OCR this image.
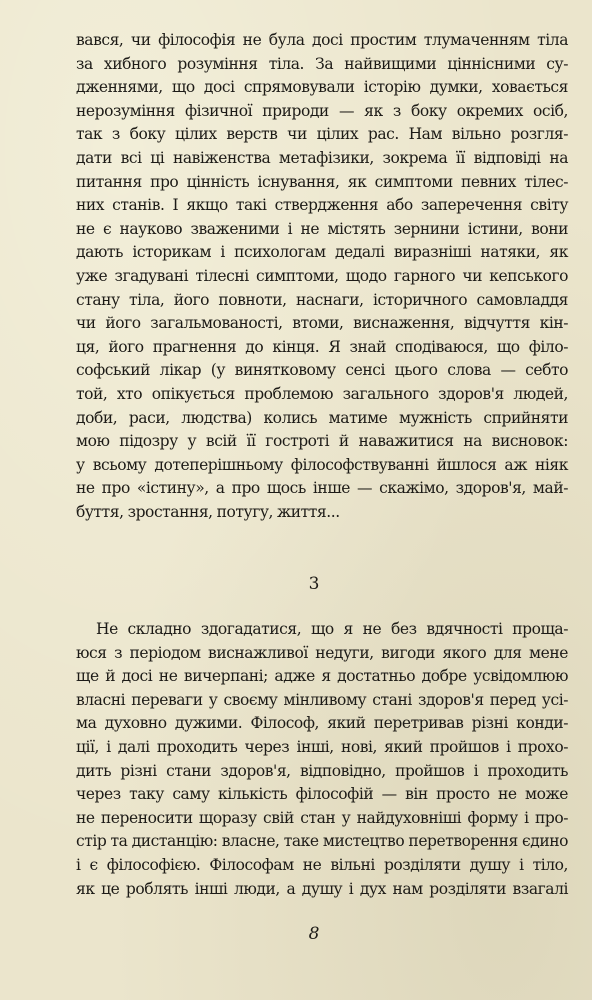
вався, чи філософія не була досі простим тлумаченням тіла
за хибного розуміння тіла. За найвищими ціннісними су-
дженнями, що досі спрямовували історію думки, ховається
нерозуміння фізичної природи — як з боку окремих осіб,
так з боку цілих верств чи цілих рас. Нам вільно розгля-
дати всі ці навіженства метафізики, зокрема її відповіді на
питання про цінність існування, як симптоми певних тілес-
них станів. І якщо такі ствердження або заперечення світу
не є науково зваженими і не містять зернини істини, вони
дають історикам і психологам дедалі виразніші натяки, як
уже згадувані тілесні симптоми, щодо гарного чи кепського
стану тіла, його повноти, наснаги, історичного самовладдя
чи його загальмованості, втоми, виснаження, відчуття кін-
ця, його прагнення до кінця. Я знай сподіваюся, що філо-
софський лікар (у винятковому сенсі цього слова — себто
той, хто опікується проблемою загального здоров'я людей,
доби, раси, людства) колись матиме мужність сприйняти
мою підозру у всій її гостроті й наважитися на висновок:
у всьому дотеперішньому філософствуванні йшлося аж ніяк
не про «істину», а про щось інше — скажімо, здоров'я, май-
буття, зростання, потугу, життя...
3
Не складно здогадатися, що я не без вдячності проща-
юся з періодом виснажливої недуги, вигоди якого для мене
ще й досі не вичерпані; адже я достатньо добре усвідомлюю
власні переваги у своєму мінливому стані здоров'я перед усі-
ма духовно дужими. Філософ, який перетривав різні конди-
ції, і далі проходить через інші, нові, який пройшов і прохо-
дить різні стани здоров'я, відповідно, пройшов і проходить
через таку саму кількість філософій — він просто не може
не переносити щоразу свій стан у найдуховніші форму і про-
стір та дистанцію: власне, таке мистецтво перетворення єдино
і є філософією. Філософам не вільні розділяти душу і тіло,
як це роблять інші люди, а душу і дух нам розділяти взагалі
8
